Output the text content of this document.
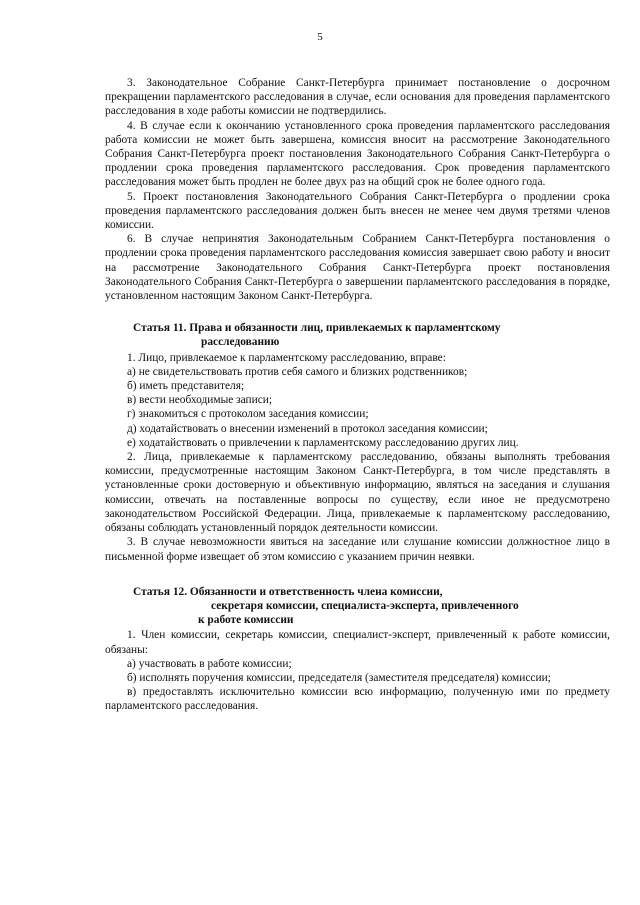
5

3. Законодательное Собрание Санкт-Петербурга принимает постановление о досрочном прекращении парламентского расследования в случае, если основания для проведения парламентского расследования в ходе работы комиссии не подтвердились.

4. В случае если к окончанию установленного срока проведения парламентского расследования работа комиссии не может быть завершена, комиссия вносит на рассмотрение Законодательного Собрания Санкт-Петербурга проект постановления Законодательного Собрания Санкт-Петербурга о продлении срока проведения парламентского расследования. Срок проведения парламентского расследования может быть продлен не более двух раз на общий срок не более одного года.

5. Проект постановления Законодательного Собрания Санкт-Петербурга о продлении срока проведения парламентского расследования должен быть внесен не менее чем двумя третями членов комиссии.

6. В случае непринятия Законодательным Собранием Санкт-Петербурга постановления о продлении срока проведения парламентского расследования комиссия завершает свою работу и вносит на рассмотрение Законодательного Собрания Санкт-Петербурга проект постановления Законодательного Собрания Санкт-Петербурга о завершении парламентского расследования в порядке, установленном настоящим Законом Санкт-Петербурга.

Статья 11. Права и обязанности лиц, привлекаемых к парламентскому
расследованию

1. Лицо, привлекаемое к парламентскому расследованию, вправе:

а) не свидетельствовать против себя самого и близких родственников;

б) иметь представителя;

в) вести необходимые записи;

г) знакомиться с протоколом заседания комиссии;

д) ходатайствовать о внесении изменений в протокол заседания комиссии;

е) ходатайствовать о привлечении к парламентскому расследованию других лиц.

2. Лица, привлекаемые к парламентскому расследованию, обязаны выполнять требования комиссии, предусмотренные настоящим Законом Санкт-Петербурга, в том числе представлять в установленные сроки достоверную и объективную информацию, являться на заседания и слушания комиссии, отвечать на поставленные вопросы по существу, если иное не предусмотрено законодательством Российской Федерации. Лица, привлекаемые к парламентскому расследованию, обязаны соблюдать установленный порядок деятельности комиссии.

3. В случае невозможности явиться на заседание или слушание комиссии должностное лицо в письменной форме извещает об этом комиссию с указанием причин неявки.

Статья 12. Обязанности и ответственность члена комиссии,
секретаря комиссии, специалиста-эксперта, привлеченного
к работе комиссии

1. Член комиссии, секретарь комиссии, специалист-эксперт, привлеченный к работе комиссии, обязаны:

а) участвовать в работе комиссии;

б) исполнять поручения комиссии, председателя (заместителя председателя) комиссии;

в) предоставлять исключительно комиссии всю информацию, полученную ими по предмету парламентского расследования.
